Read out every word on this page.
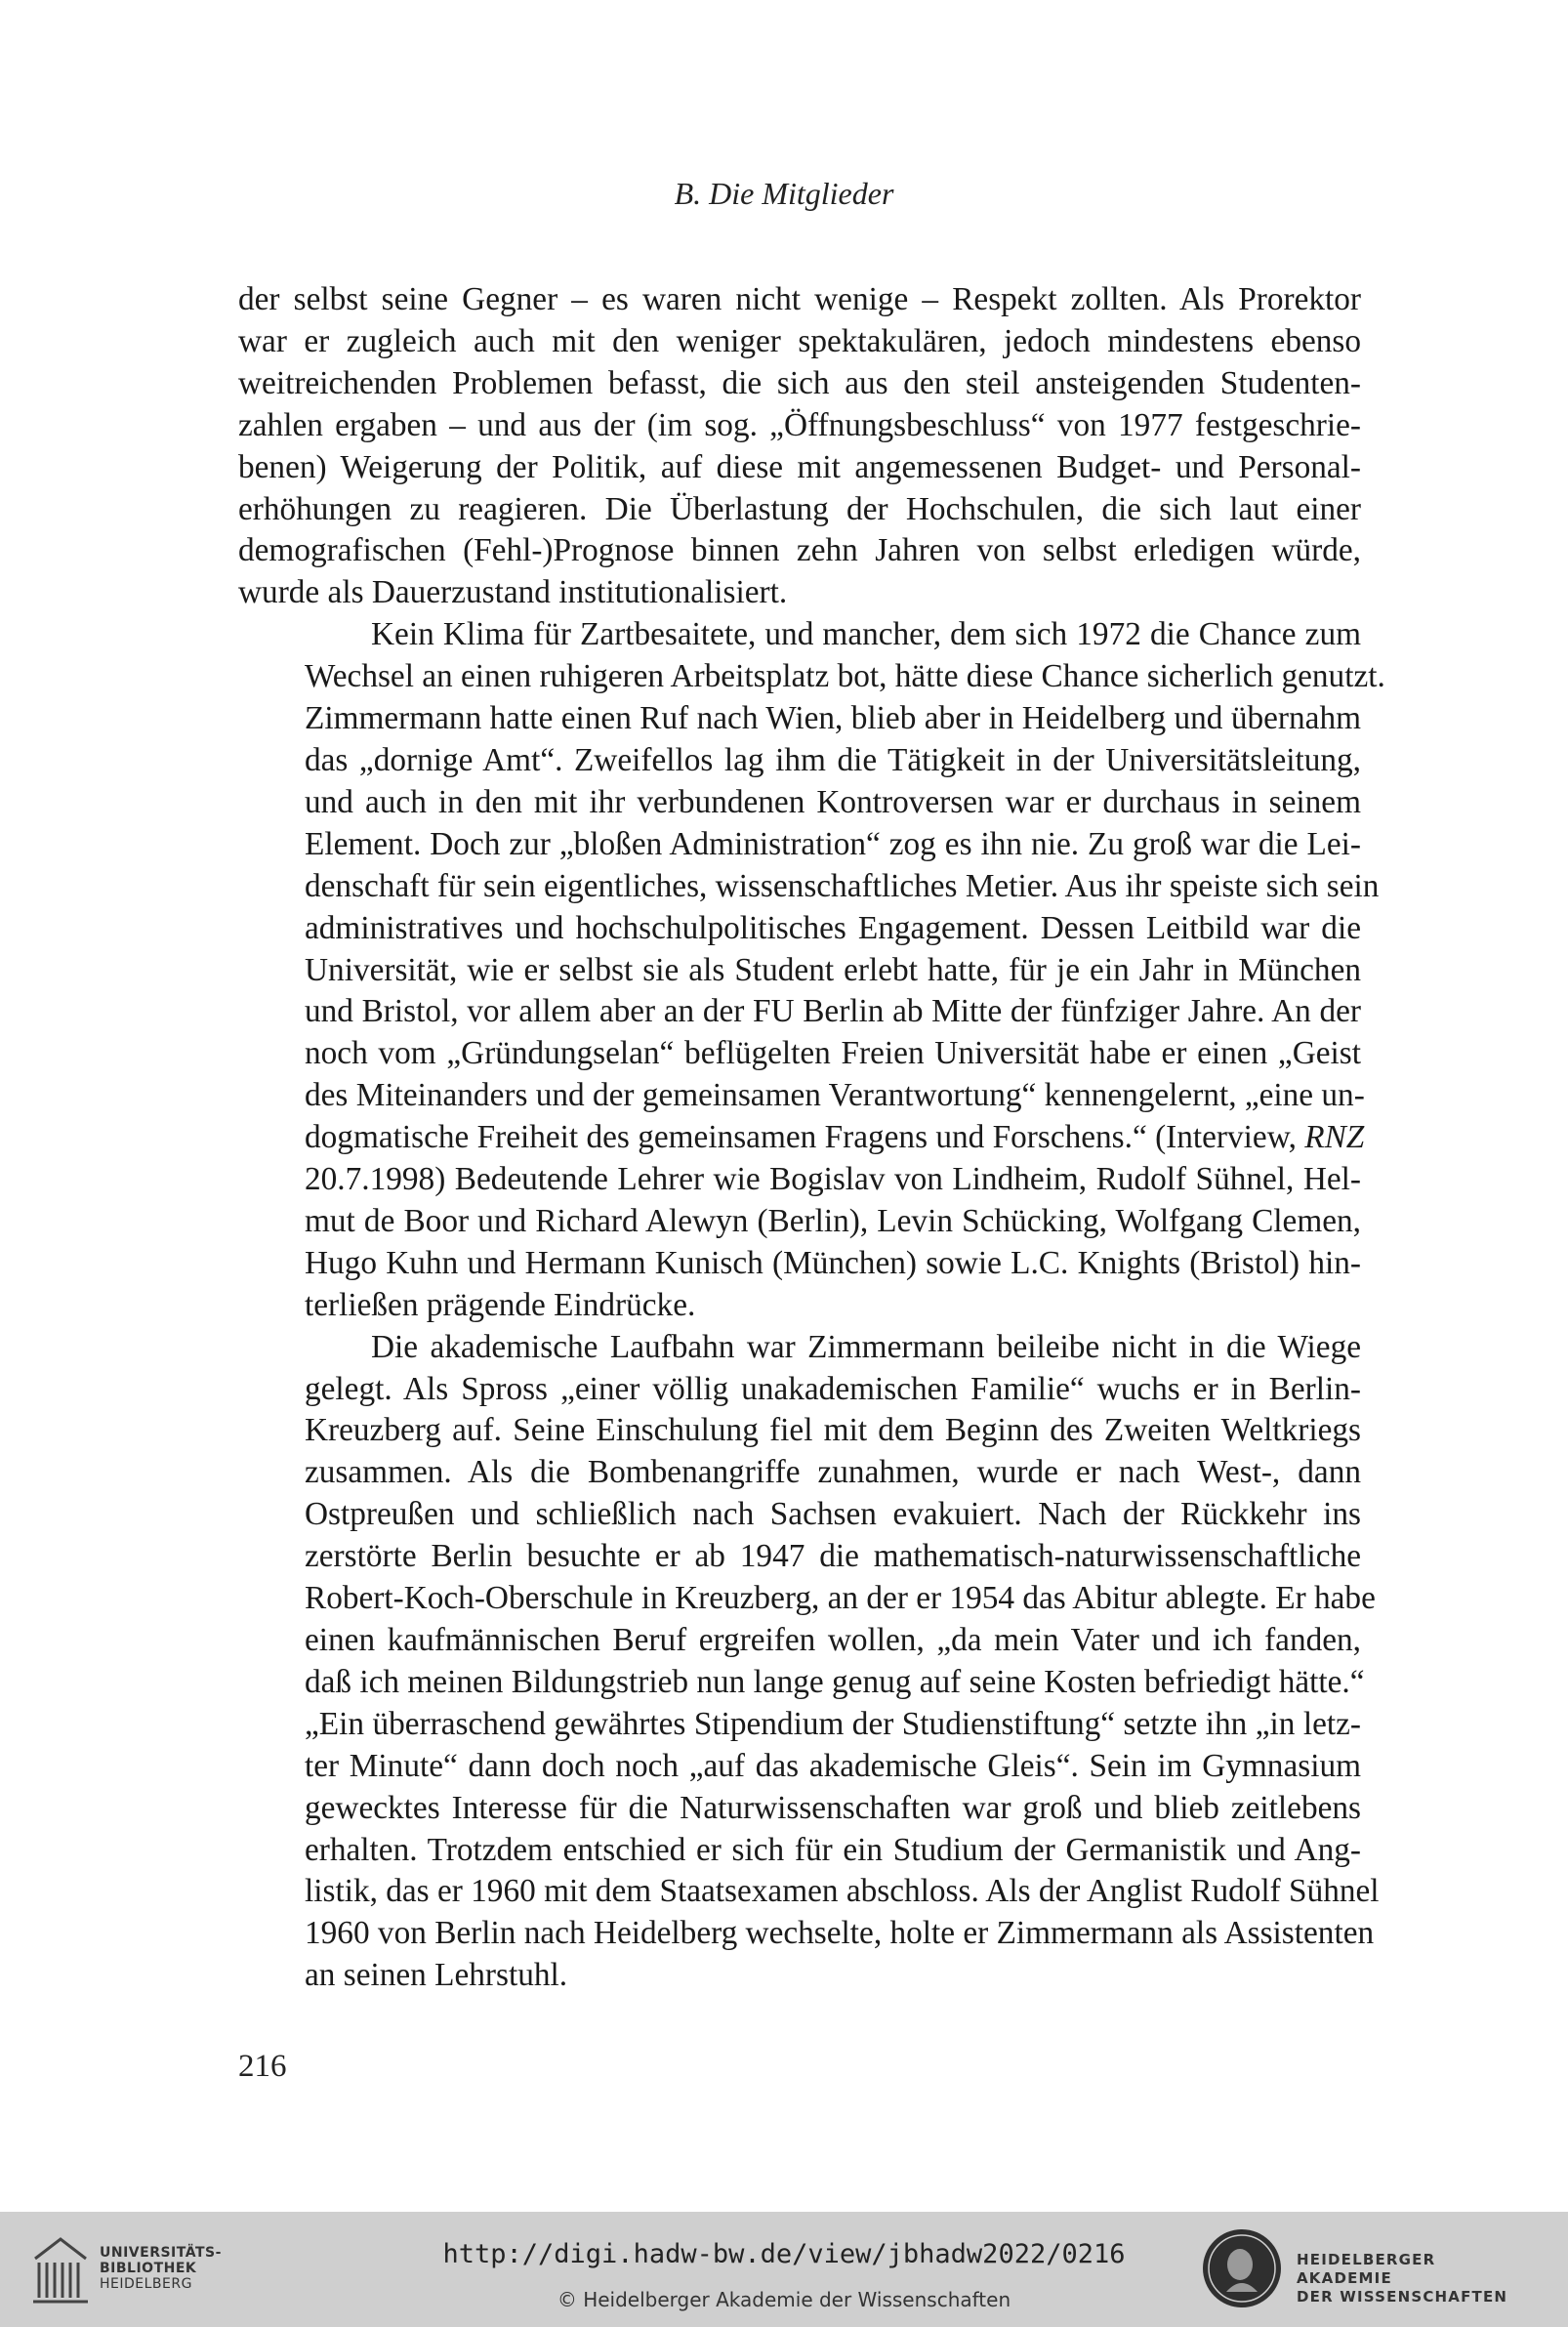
B. Die Mitglieder
der selbst seine Gegner – es waren nicht wenige – Respekt zollten. Als Prorektor
war er zugleich auch mit den weniger spektakulären, jedoch mindestens ebenso
weitreichenden Problemen befasst, die sich aus den steil ansteigenden Studenten-
zahlen ergaben – und aus der (im sog. „Öffnungsbeschluss“ von 1977 festgeschrie-
benen) Weigerung der Politik, auf diese mit angemessenen Budget- und Personal-
erhöhungen zu reagieren. Die Überlastung der Hochschulen, die sich laut einer
demografischen (Fehl-)Prognose binnen zehn Jahren von selbst erledigen würde,
wurde als Dauerzustand institutionalisiert.
Kein Klima für Zartbesaitete, und mancher, dem sich 1972 die Chance zum
Wechsel an einen ruhigeren Arbeitsplatz bot, hätte diese Chance sicherlich genutzt.
Zimmermann hatte einen Ruf nach Wien, blieb aber in Heidelberg und übernahm
das „dornige Amt“. Zweifellos lag ihm die Tätigkeit in der Universitätsleitung,
und auch in den mit ihr verbundenen Kontroversen war er durchaus in seinem
Element. Doch zur „bloßen Administration“ zog es ihn nie. Zu groß war die Lei-
denschaft für sein eigentliches, wissenschaftliches Metier. Aus ihr speiste sich sein
administratives und hochschulpolitisches Engagement. Dessen Leitbild war die
Universität, wie er selbst sie als Student erlebt hatte, für je ein Jahr in München
und Bristol, vor allem aber an der FU Berlin ab Mitte der fünfziger Jahre. An der
noch vom „Gründungselan“ beflügelten Freien Universität habe er einen „Geist
des Miteinanders und der gemeinsamen Verantwortung“ kennengelernt, „eine un-
dogmatische Freiheit des gemeinsamen Fragens und Forschens.“ (Interview, RNZ
20.7.1998) Bedeutende Lehrer wie Bogislav von Lindheim, Rudolf Sühnel, Hel-
mut de Boor und Richard Alewyn (Berlin), Levin Schücking, Wolfgang Clemen,
Hugo Kuhn und Hermann Kunisch (München) sowie L.C. Knights (Bristol) hin-
terließen prägende Eindrücke.
Die akademische Laufbahn war Zimmermann beileibe nicht in die Wiege
gelegt. Als Spross „einer völlig unakademischen Familie“ wuchs er in Berlin-
Kreuzberg auf. Seine Einschulung fiel mit dem Beginn des Zweiten Weltkriegs
zusammen. Als die Bombenangriffe zunahmen, wurde er nach West-, dann
Ostpreußen und schließlich nach Sachsen evakuiert. Nach der Rückkehr ins
zerstörte Berlin besuchte er ab 1947 die mathematisch-naturwissenschaftliche
Robert-Koch-Oberschule in Kreuzberg, an der er 1954 das Abitur ablegte. Er habe
einen kaufmännischen Beruf ergreifen wollen, „da mein Vater und ich fanden,
daß ich meinen Bildungstrieb nun lange genug auf seine Kosten befriedigt hätte.“
„Ein überraschend gewährtes Stipendium der Studienstiftung“ setzte ihn „in letz-
ter Minute“ dann doch noch „auf das akademische Gleis“. Sein im Gymnasium
gewecktes Interesse für die Naturwissenschaften war groß und blieb zeitlebens
erhalten. Trotzdem entschied er sich für ein Studium der Germanistik und Ang-
listik, das er 1960 mit dem Staatsexamen abschloss. Als der Anglist Rudolf Sühnel
1960 von Berlin nach Heidelberg wechselte, holte er Zimmermann als Assistenten
an seinen Lehrstuhl.
216
UNIVERSITÄTS-
BIBLIOTHEK
HEIDELBERG
http://digi.hadw-bw.de/view/jbhadw2022/0216
© Heidelberger Akademie der Wissenschaften
HEIDELBERGER AKADEMIE
DER WISSENSCHAFTEN
